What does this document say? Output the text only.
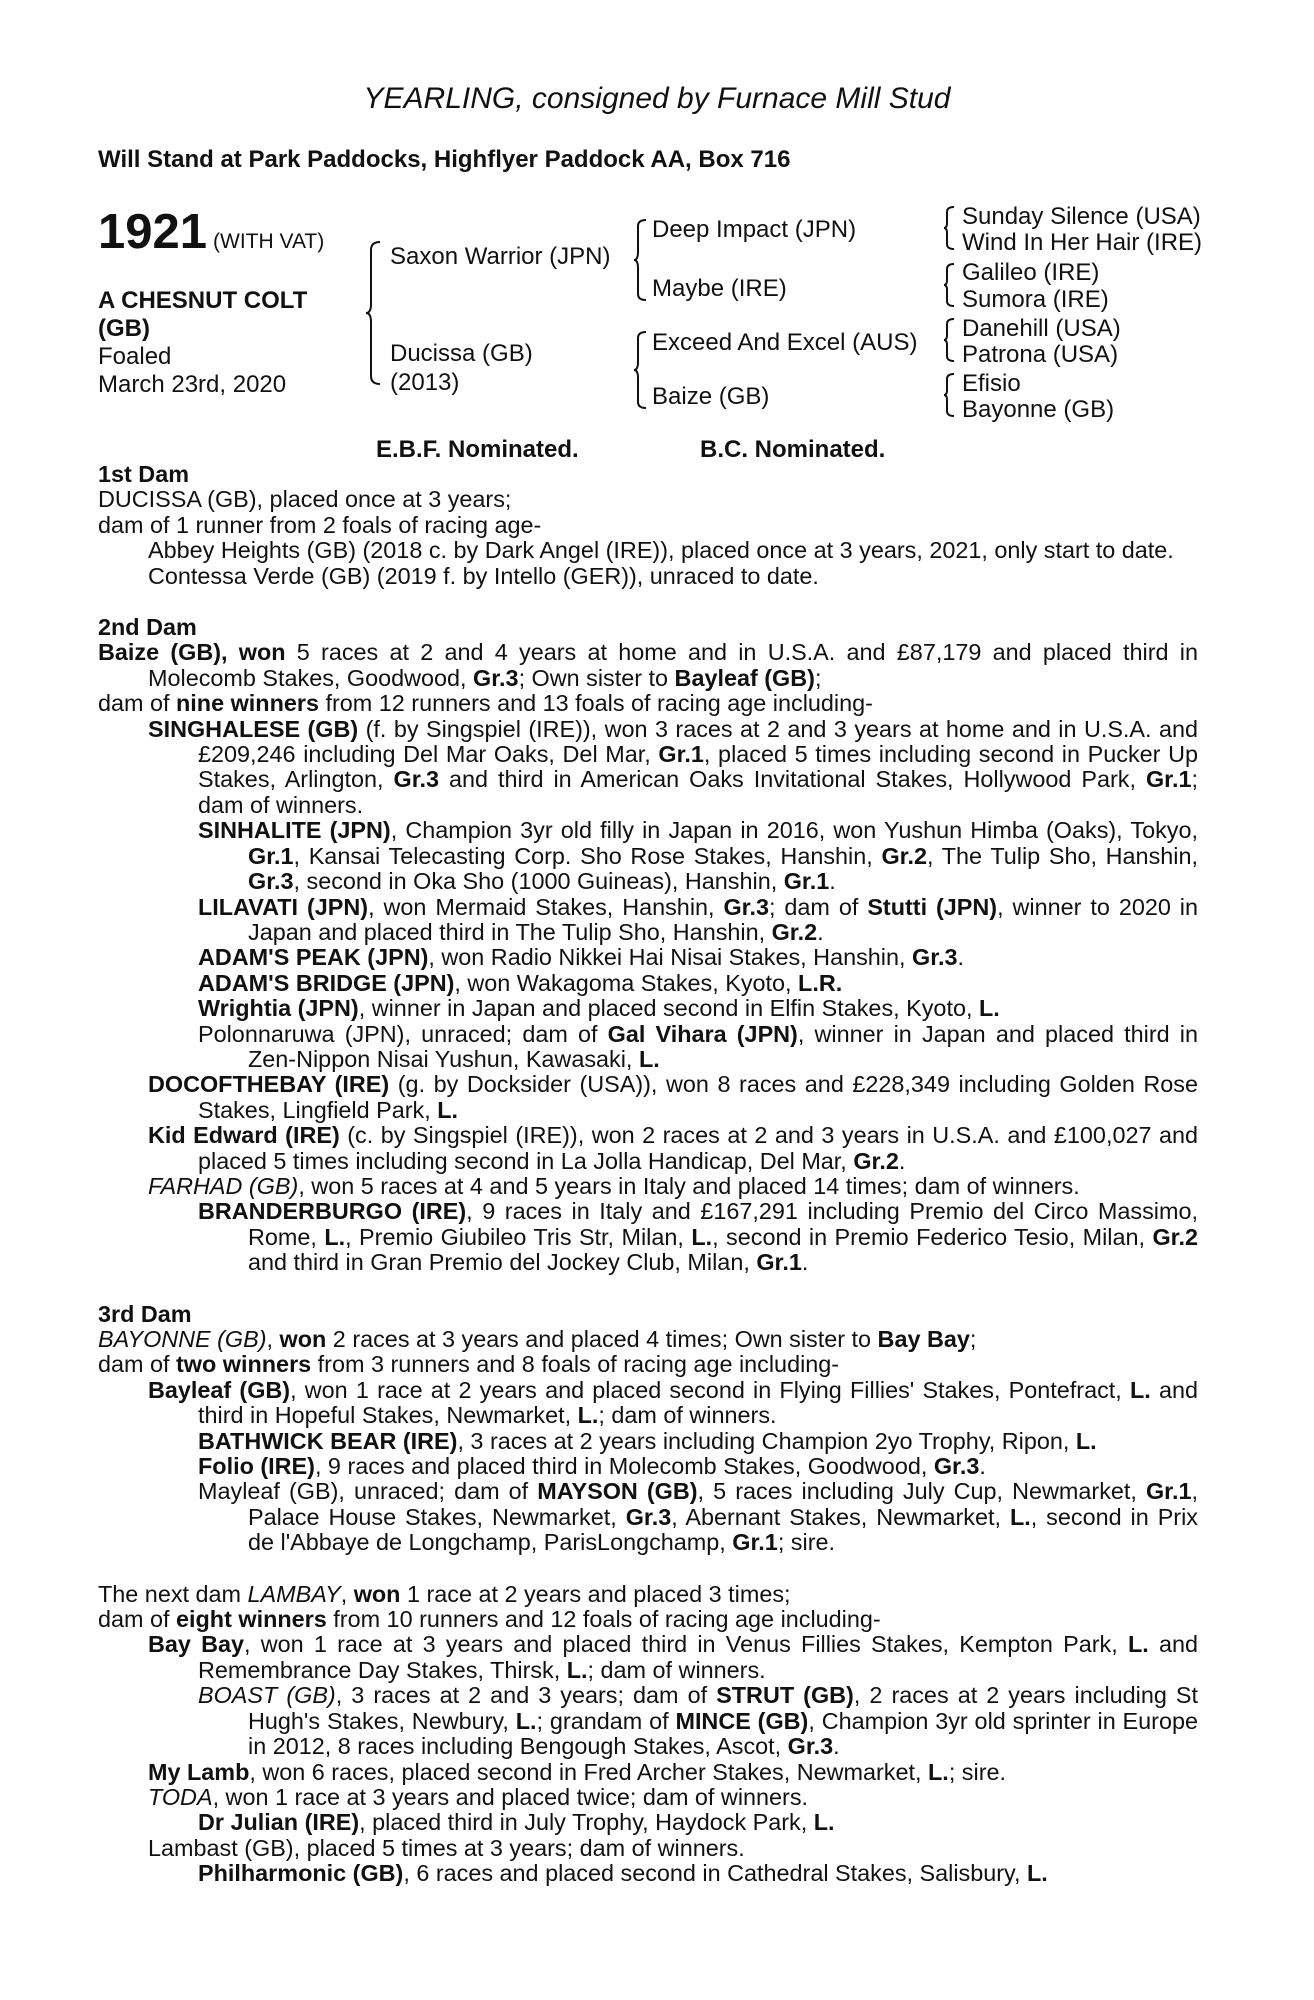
YEARLING, consigned by Furnace Mill Stud
Will Stand at Park Paddocks, Highflyer Paddock AA, Box 716
1921 (WITH VAT)
A CHESNUT COLT
(GB)
Foaled
March 23rd, 2020
Saxon Warrior (JPN)
Ducissa (GB)
(2013)
Deep Impact (JPN)
Maybe (IRE)
Exceed And Excel (AUS)
Baize (GB)
Sunday Silence (USA)
Wind In Her Hair (IRE)
Galileo (IRE)
Sumora (IRE)
Danehill (USA)
Patrona (USA)
Efisio
Bayonne (GB)
E.B.F. Nominated.	B.C. Nominated.

1st Dam

DUCISSA (GB), placed once at 3 years;

dam of 1 runner from 2 foals of racing age-

Abbey Heights (GB) (2018 c. by Dark Angel (IRE)), placed once at 3 years, 2021, only start to date.

Contessa Verde (GB) (2019 f. by Intello (GER)), unraced to date.

2nd Dam

Baize (GB), won 5 races at 2 and 4 years at home and in U.S.A. and £87,179 and placed third in Molecomb Stakes, Goodwood, Gr.3; Own sister to Bayleaf (GB);

dam of nine winners from 12 runners and 13 foals of racing age including-

SINGHALESE (GB) (f. by Singspiel (IRE)), won 3 races at 2 and 3 years at home and in U.S.A. and £209,246 including Del Mar Oaks, Del Mar, Gr.1, placed 5 times including second in Pucker Up Stakes, Arlington, Gr.3 and third in American Oaks Invitational Stakes, Hollywood Park, Gr.1; dam of winners.

SINHALITE (JPN), Champion 3yr old filly in Japan in 2016, won Yushun Himba (Oaks), Tokyo, Gr.1, Kansai Telecasting Corp. Sho Rose Stakes, Hanshin, Gr.2, The Tulip Sho, Hanshin, Gr.3, second in Oka Sho (1000 Guineas), Hanshin, Gr.1.

LILAVATI (JPN), won Mermaid Stakes, Hanshin, Gr.3; dam of Stutti (JPN), winner to 2020 in Japan and placed third in The Tulip Sho, Hanshin, Gr.2.

ADAM'S PEAK (JPN), won Radio Nikkei Hai Nisai Stakes, Hanshin, Gr.3.

ADAM'S BRIDGE (JPN), won Wakagoma Stakes, Kyoto, L.R.

Wrightia (JPN), winner in Japan and placed second in Elfin Stakes, Kyoto, L.

Polonnaruwa (JPN), unraced; dam of Gal Vihara (JPN), winner in Japan and placed third in Zen-Nippon Nisai Yushun, Kawasaki, L.

DOCOFTHEBAY (IRE) (g. by Docksider (USA)), won 8 races and £228,349 including Golden Rose Stakes, Lingfield Park, L.

Kid Edward (IRE) (c. by Singspiel (IRE)), won 2 races at 2 and 3 years in U.S.A. and £100,027 and placed 5 times including second in La Jolla Handicap, Del Mar, Gr.2.

FARHAD (GB), won 5 races at 4 and 5 years in Italy and placed 14 times; dam of winners.

BRANDERBURGO (IRE), 9 races in Italy and £167,291 including Premio del Circo Massimo, Rome, L., Premio Giubileo Tris Str, Milan, L., second in Premio Federico Tesio, Milan, Gr.2 and third in Gran Premio del Jockey Club, Milan, Gr.1.

3rd Dam

BAYONNE (GB), won 2 races at 3 years and placed 4 times; Own sister to Bay Bay;

dam of two winners from 3 runners and 8 foals of racing age including-

Bayleaf (GB), won 1 race at 2 years and placed second in Flying Fillies' Stakes, Pontefract, L. and third in Hopeful Stakes, Newmarket, L.; dam of winners.

BATHWICK BEAR (IRE), 3 races at 2 years including Champion 2yo Trophy, Ripon, L.

Folio (IRE), 9 races and placed third in Molecomb Stakes, Goodwood, Gr.3.

Mayleaf (GB), unraced; dam of MAYSON (GB), 5 races including July Cup, Newmarket, Gr.1, Palace House Stakes, Newmarket, Gr.3, Abernant Stakes, Newmarket, L., second in Prix de l'Abbaye de Longchamp, ParisLongchamp, Gr.1; sire.

The next dam LAMBAY, won 1 race at 2 years and placed 3 times;

dam of eight winners from 10 runners and 12 foals of racing age including-

Bay Bay, won 1 race at 3 years and placed third in Venus Fillies Stakes, Kempton Park, L. and Remembrance Day Stakes, Thirsk, L.; dam of winners.

BOAST (GB), 3 races at 2 and 3 years; dam of STRUT (GB), 2 races at 2 years including St Hugh's Stakes, Newbury, L.; grandam of MINCE (GB), Champion 3yr old sprinter in Europe in 2012, 8 races including Bengough Stakes, Ascot, Gr.3.

My Lamb, won 6 races, placed second in Fred Archer Stakes, Newmarket, L.; sire.

TODA, won 1 race at 3 years and placed twice; dam of winners.

Dr Julian (IRE), placed third in July Trophy, Haydock Park, L.

Lambast (GB), placed 5 times at 3 years; dam of winners.

Philharmonic (GB), 6 races and placed second in Cathedral Stakes, Salisbury, L.
